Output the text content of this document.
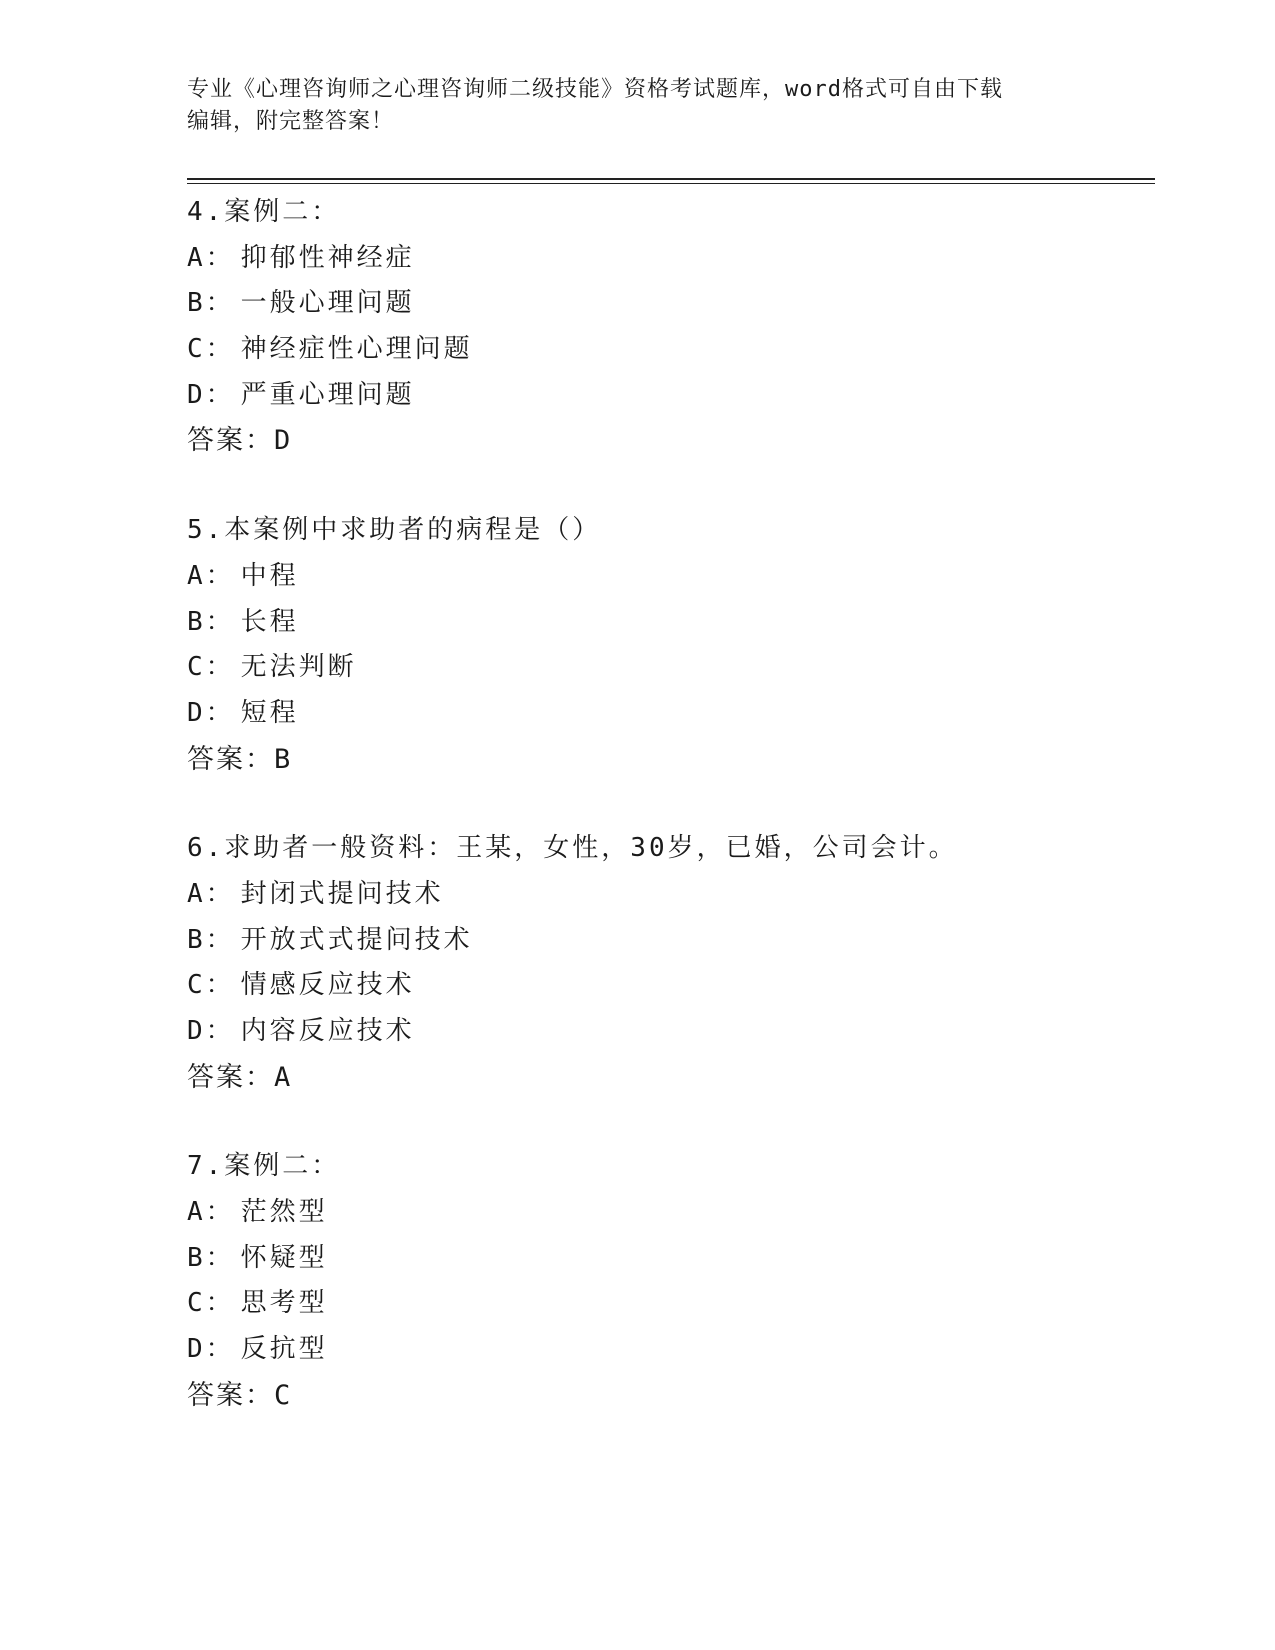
专业《心理咨询师之心理咨询师二级技能》资格考试题库，word格式可自由下载
编辑，附完整答案！
4.案例二：
A： 抑郁性神经症
B： 一般心理问题
C： 神经症性心理问题
D： 严重心理问题
答案：D
5.本案例中求助者的病程是（）
A： 中程
B： 长程
C： 无法判断
D： 短程
答案：B
6.求助者一般资料：王某，女性，30岁，已婚，公司会计。
A： 封闭式提问技术
B： 开放式式提问技术
C： 情感反应技术
D： 内容反应技术
答案：A
7.案例二：
A： 茫然型
B： 怀疑型
C： 思考型
D： 反抗型
答案：C
